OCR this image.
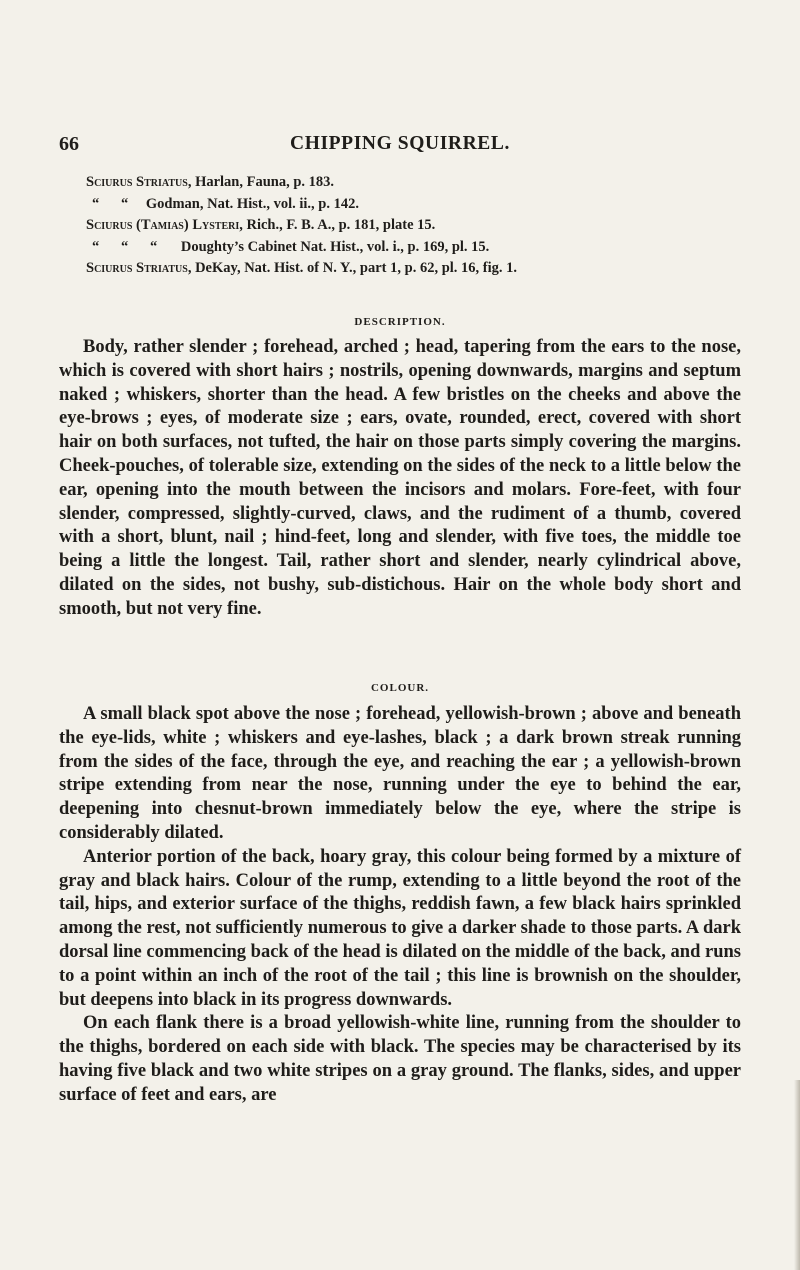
66	CHIPPING SQUIRREL.
Sciurus Striatus, Harlan, Fauna, p. 183.
“      “ Godman, Nat. Hist., vol. ii., p. 142.
Sciurus (Tamias) Lysteri, Rich., F. B. A., p. 181, plate 15.
“      “      “ Doughty’s Cabinet Nat. Hist., vol. i., p. 169, pl. 15.
Sciurus Striatus, DeKay, Nat. Hist. of N. Y., part 1, p. 62, pl. 16, fig. 1.
DESCRIPTION.

Body, rather slender ; forehead, arched ; head, tapering from the ears to the nose, which is covered with short hairs ; nostrils, opening downwards, margins and septum naked ; whiskers, shorter than the head. A few bristles on the cheeks and above the eye-brows ; eyes, of moderate size ; ears, ovate, rounded, erect, covered with short hair on both surfaces, not tufted, the hair on those parts simply covering the margins. Cheek-pouches, of tolerable size, extending on the sides of the neck to a little below the ear, opening into the mouth between the incisors and molars. Fore-feet, with four slender, compressed, slightly-curved, claws, and the rudiment of a thumb, covered with a short, blunt, nail ; hind-feet, long and slender, with five toes, the middle toe being a little the longest. Tail, rather short and slender, nearly cylindrical above, dilated on the sides, not bushy, sub-distichous. Hair on the whole body short and smooth, but not very fine.

COLOUR.

A small black spot above the nose ; forehead, yellowish-brown ; above and beneath the eye-lids, white ; whiskers and eye-lashes, black ; a dark brown streak running from the sides of the face, through the eye, and reaching the ear ; a yellowish-brown stripe extending from near the nose, running under the eye to behind the ear, deepening into chesnut-brown immediately below the eye, where the stripe is considerably dilated.

Anterior portion of the back, hoary gray, this colour being formed by a mixture of gray and black hairs. Colour of the rump, extending to a little beyond the root of the tail, hips, and exterior surface of the thighs, reddish fawn, a few black hairs sprinkled among the rest, not sufficiently numerous to give a darker shade to those parts. A dark dorsal line commencing back of the head is dilated on the middle of the back, and runs to a point within an inch of the root of the tail ; this line is brownish on the shoulder, but deepens into black in its progress downwards.

On each flank there is a broad yellowish-white line, running from the shoulder to the thighs, bordered on each side with black. The species may be characterised by its having five black and two white stripes on a gray ground. The flanks, sides, and upper surface of feet and ears, are
